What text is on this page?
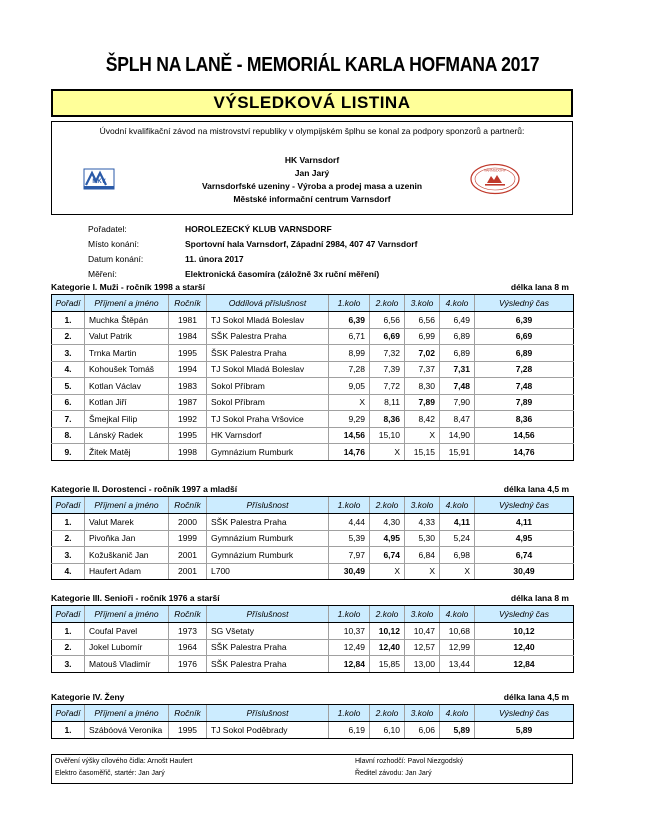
ŠPLH NA LANĚ - MEMORIÁL KARLA HOFMANA 2017
VÝSLEDKOVÁ LISTINA
Úvodní kvalifikační závod na mistrovství republiky v olympijském šplhu se konal za podpory sponzorů a partnerů:
MKV
HK Varnsdorf
Jan Jarý
Varnsdorfské uzeniny - Výroba a prodej masa a uzenin
Městské informační centrum Varnsdorf
VARNSDORF
Pořadatel:	HOROLEZECKÝ KLUB VARNSDORF
Místo konání:	Sportovní hala Varnsdorf, Západní 2984, 407 47 Varnsdorf
Datum konání:	11. února 2017
Měření:	Elektronická časomíra (záložně 3x ruční měření)
Kategorie I. Muži - ročník 1998 a starší	délka lana 8 m
Pořadí	Příjmení a jméno	Ročník	Oddílová příslušnost	1.kolo	2.kolo	3.kolo	4.kolo	Výsledný čas
1.	Muchka Štěpán	1981	TJ Sokol Mladá Boleslav	6,39	6,56	6,56	6,49	6,39
2.	Valut Patrik	1984	SŠK Palestra Praha	6,71	6,69	6,99	6,89	6,69
3.	Trnka Martin	1995	ŠSK Palestra Praha	8,99	7,32	7,02	6,89	6,89
4.	Kohoušek Tomáš	1994	TJ Sokol Mladá Boleslav	7,28	7,39	7,37	7,31	7,28
5.	Kotlan Václav	1983	Sokol Příbram	9,05	7,72	8,30	7,48	7,48
6.	Kotlan Jiří	1987	Sokol Příbram	X	8,11	7,89	7,90	7,89
7.	Šmejkal Filip	1992	TJ Sokol Praha Vršovice	9,29	8,36	8,42	8,47	8,36
8.	Lánský Radek	1995	HK Varnsdorf	14,56	15,10	X	14,90	14,56
9.	Žitek Matěj	1998	Gymnázium Rumburk	14,76	X	15,15	15,91	14,76
Kategorie II. Dorostenci - ročník 1997 a mladší	délka lana 4,5 m
Pořadí	Příjmení a jméno	Ročník	Příslušnost	1.kolo	2.kolo	3.kolo	4.kolo	Výsledný čas
1.	Valut Marek	2000	SŠK Palestra Praha	4,44	4,30	4,33	4,11	4,11
2.	Pivoňka Jan	1999	Gymnázium Rumburk	5,39	4,95	5,30	5,24	4,95
3.	Kožuškanič Jan	2001	Gymnázium Rumburk	7,97	6,74	6,84	6,98	6,74
4.	Haufert Adam	2001	L700	30,49	X	X	X	30,49
Kategorie III. Senioři - ročník 1976 a starší	délka lana 8 m
Pořadí	Příjmení a jméno	Ročník	Příslušnost	1.kolo	2.kolo	3.kolo	4.kolo	Výsledný čas
1.	Coufal Pavel	1973	SG Všetaty	10,37	10,12	10,47	10,68	10,12
2.	Jokel Lubomír	1964	SŠK Palestra Praha	12,49	12,40	12,57	12,99	12,40
3.	Matouš Vladimír	1976	SŠK Palestra Praha	12,84	15,85	13,00	13,44	12,84
Kategorie IV. Ženy	délka lana 4,5 m
Pořadí	Příjmení a jméno	Ročník	Příslušnost	1.kolo	2.kolo	3.kolo	4.kolo	Výsledný čas
1.	Szábóová Veronika	1995	TJ Sokol Poděbrady	6,19	6,10	6,06	5,89	5,89
Ověření výšky cílového čidla: Arnošt Haufert
Elektro časoměřič, startér: Jan Jarý
Hlavní rozhodčí: Pavol Niezgodský
Ředitel závodu: Jan Jarý
